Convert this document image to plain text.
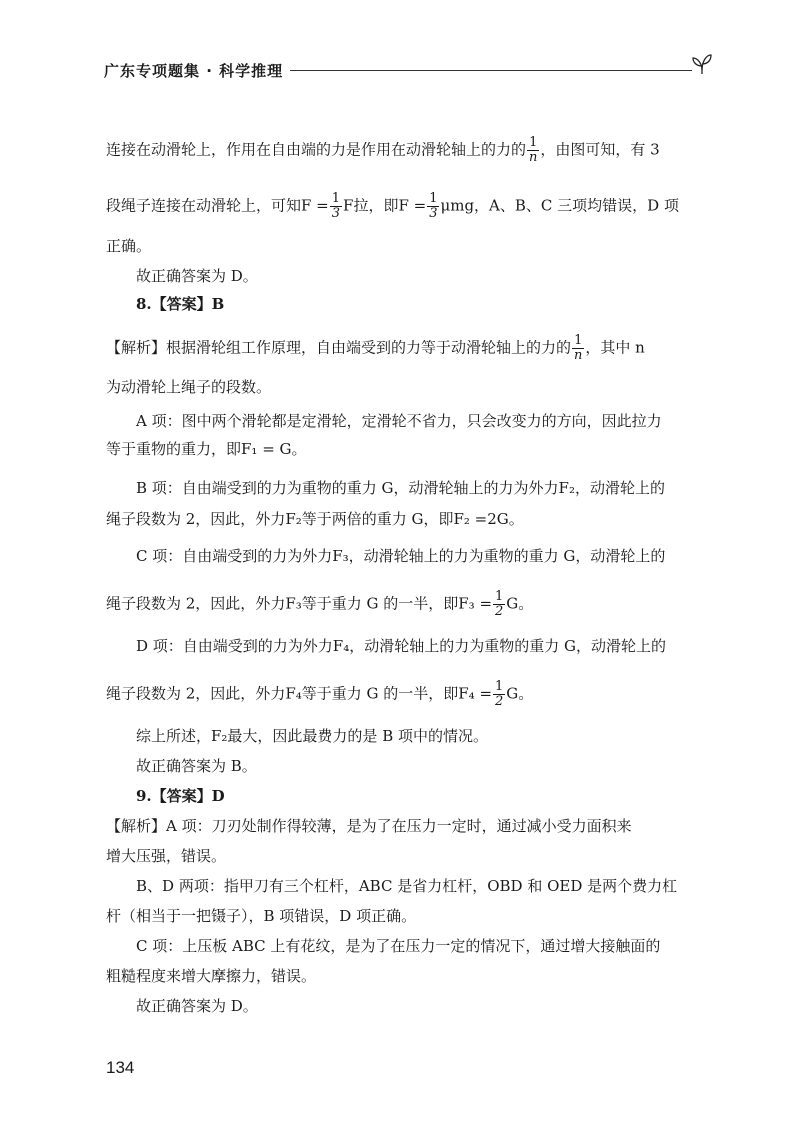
广东专项题集 · 科学推理
连接在动滑轮上，作用在自由端的力是作用在动滑轮轴上的力的 $\frac{1}{n}$ ，由图可知，有 3
段绳子连接在动滑轮上，可知$F = \frac{1}{3}$ F拉，即$F = \frac{1}{3}$ μmg，A、B、C 三项均错误，D 项
正确。
故正确答案为 D。
8.【答案】B
【解析】根据滑轮组工作原理，自由端受到的力等于动滑轮轴上的力的 $\frac{1}{n}$ ，其中 n
为动滑轮上绳子的段数。
A 项：图中两个滑轮都是定滑轮，定滑轮不省力，只会改变力的方向，因此拉力
等于重物的重力，即F₁ = G。
B 项：自由端受到的力为重物的重力 G，动滑轮轴上的力为外力F₂，动滑轮上的
绳子段数为 2，因此，外力F₂等于两倍的重力 G，即F₂ =2G。
C 项：自由端受到的力为外力F₃，动滑轮轴上的力为重物的重力 G，动滑轮上的
绳子段数为 2，因此，外力F₃等于重力 G 的一半，即$F_3 = \frac{1}{2}$ G。
D 项：自由端受到的力为外力F₄，动滑轮轴上的力为重物的重力 G，动滑轮上的
绳子段数为 2，因此，外力F₄等于重力 G 的一半，即$F_4 = \frac{1}{2}$ G。
综上所述，F₂最大，因此最费力的是 B 项中的情况。
故正确答案为 B。
9.【答案】D
【解析】A 项：刀刃处制作得较薄，是为了在压力一定时，通过减小受力面积来
增大压强，错误。
B、D 两项：指甲刀有三个杠杆，ABC 是省力杠杆，OBD 和 OED 是两个费力杠
杆（相当于一把镊子），B 项错误，D 项正确。
C 项：上压板 ABC 上有花纹，是为了在压力一定的情况下，通过增大接触面的
粗糙程度来增大摩擦力，错误。
故正确答案为 D。
134
